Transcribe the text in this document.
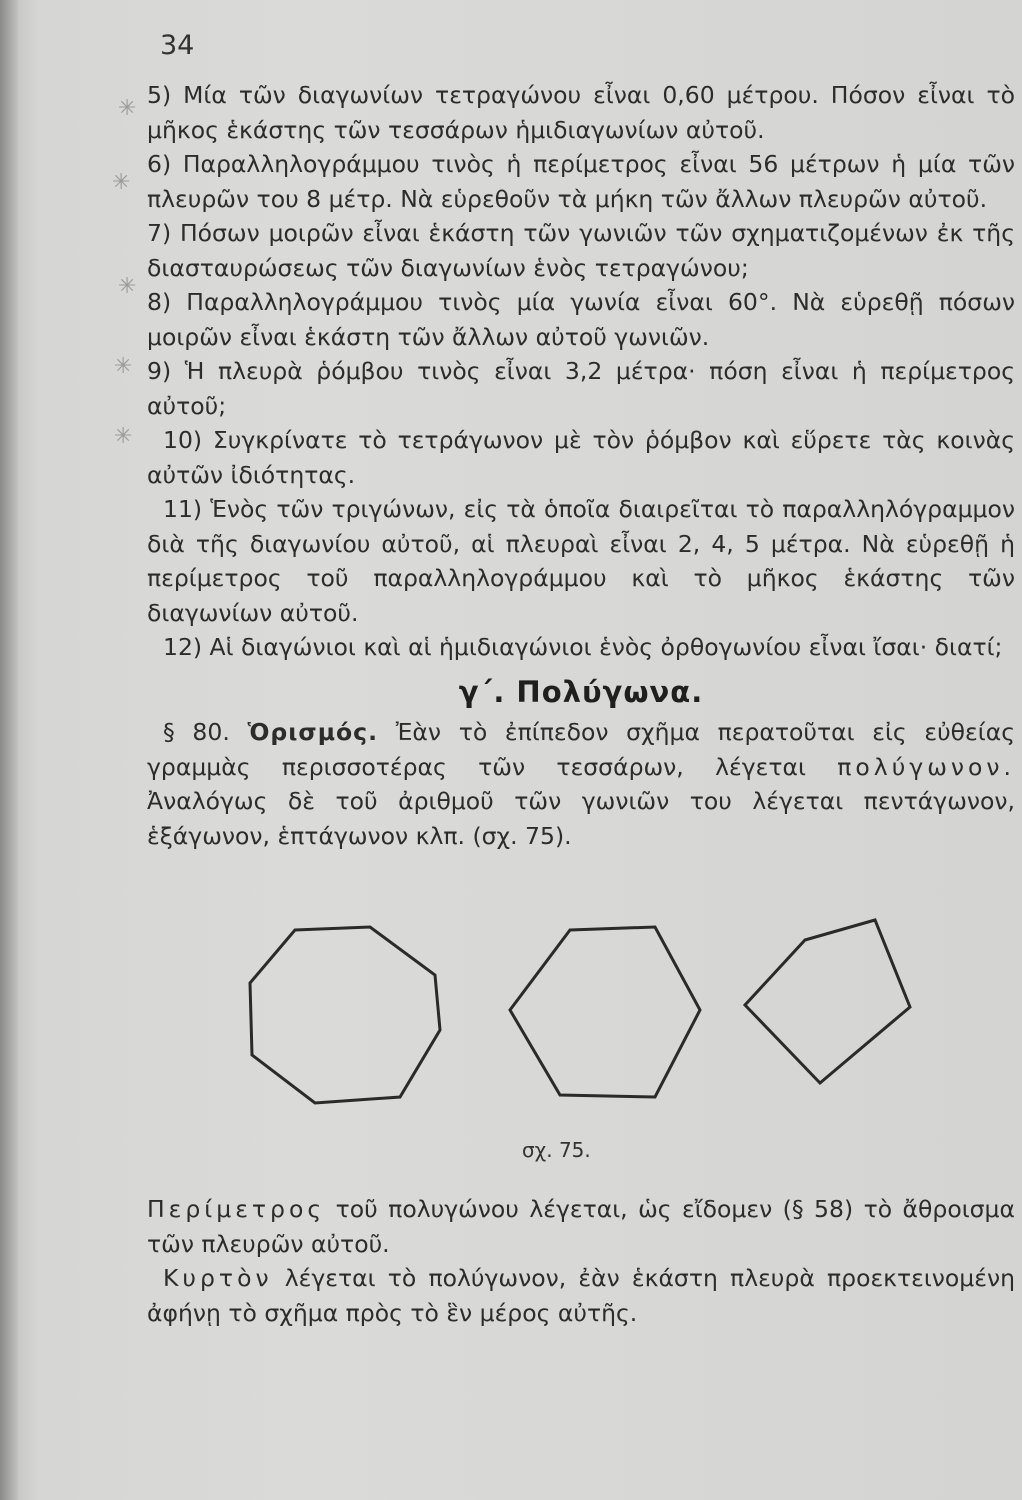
34
✳
✳
✳
✳
✳

5) Μία τῶν διαγωνίων τετραγώνου εἶναι 0,60 μέτρου. Πόσον εἶναι τὸ μῆκος ἑκάστης τῶν τεσσάρων ἡμιδιαγωνίων αὐτοῦ.

6) Παραλληλογράμμου τινὸς ἡ περίμετρος εἶναι 56 μέτρων ἡ μία τῶν πλευρῶν του 8 μέτρ. Νὰ εὑρεθοῦν τὰ μήκη τῶν ἄλλων πλευρῶν αὐτοῦ.

7) Πόσων μοιρῶν εἶναι ἑκάστη τῶν γωνιῶν τῶν σχηματιζομένων ἐκ τῆς διασταυρώσεως τῶν διαγωνίων ἑνὸς τετραγώνου;

8) Παραλληλογράμμου τινὸς μία γωνία εἶναι 60°. Νὰ εὑρεθῇ πόσων μοιρῶν εἶναι ἑκάστη τῶν ἄλλων αὐτοῦ γωνιῶν.

9) Ἡ πλευρὰ ῥόμβου τινὸς εἶναι 3,2 μέτρα· πόση εἶναι ἡ περίμετρος αὐτοῦ;

10) Συγκρίνατε τὸ τετράγωνον μὲ τὸν ῥόμβον καὶ εὕρετε τὰς κοινὰς αὐτῶν ἰδιότητας.

11) Ἑνὸς τῶν τριγώνων, εἰς τὰ ὁποῖα διαιρεῖται τὸ παραλληλόγραμμον διὰ τῆς διαγωνίου αὐτοῦ, αἱ πλευραὶ εἶναι 2, 4, 5 μέτρα. Νὰ εὑρεθῇ ἡ περίμετρος τοῦ παραλληλογράμμου καὶ τὸ μῆκος ἑκάστης τῶν διαγωνίων αὐτοῦ.

12) Αἱ διαγώνιοι καὶ αἱ ἡμιδιαγώνιοι ἑνὸς ὀρθογωνίου εἶναι ἴσαι· διατί;

γ΄. Πολύγωνα.

§ 80. Ὁρισμός. Ἐὰν τὸ ἐπίπεδον σχῆμα περατοῦται εἰς εὐθείας γραμμὰς περισσοτέρας τῶν τεσσάρων, λέγεται πολύγωνον. Ἀναλόγως δὲ τοῦ ἀριθμοῦ τῶν γωνιῶν του λέγεται πεντάγωνον, ἑξάγωνον, ἑπτάγωνον κλπ. (σχ. 75).

σχ. 75.

Περίμετρος τοῦ πολυγώνου λέγεται, ὡς εἴδομεν (§ 58) τὸ ἄθροισμα τῶν πλευρῶν αὐτοῦ.

Κυρτὸν λέγεται τὸ πολύγωνον, ἐὰν ἑκάστη πλευρὰ προεκτεινομένη ἀφήνῃ τὸ σχῆμα πρὸς τὸ ἓν μέρος αὐτῆς.
